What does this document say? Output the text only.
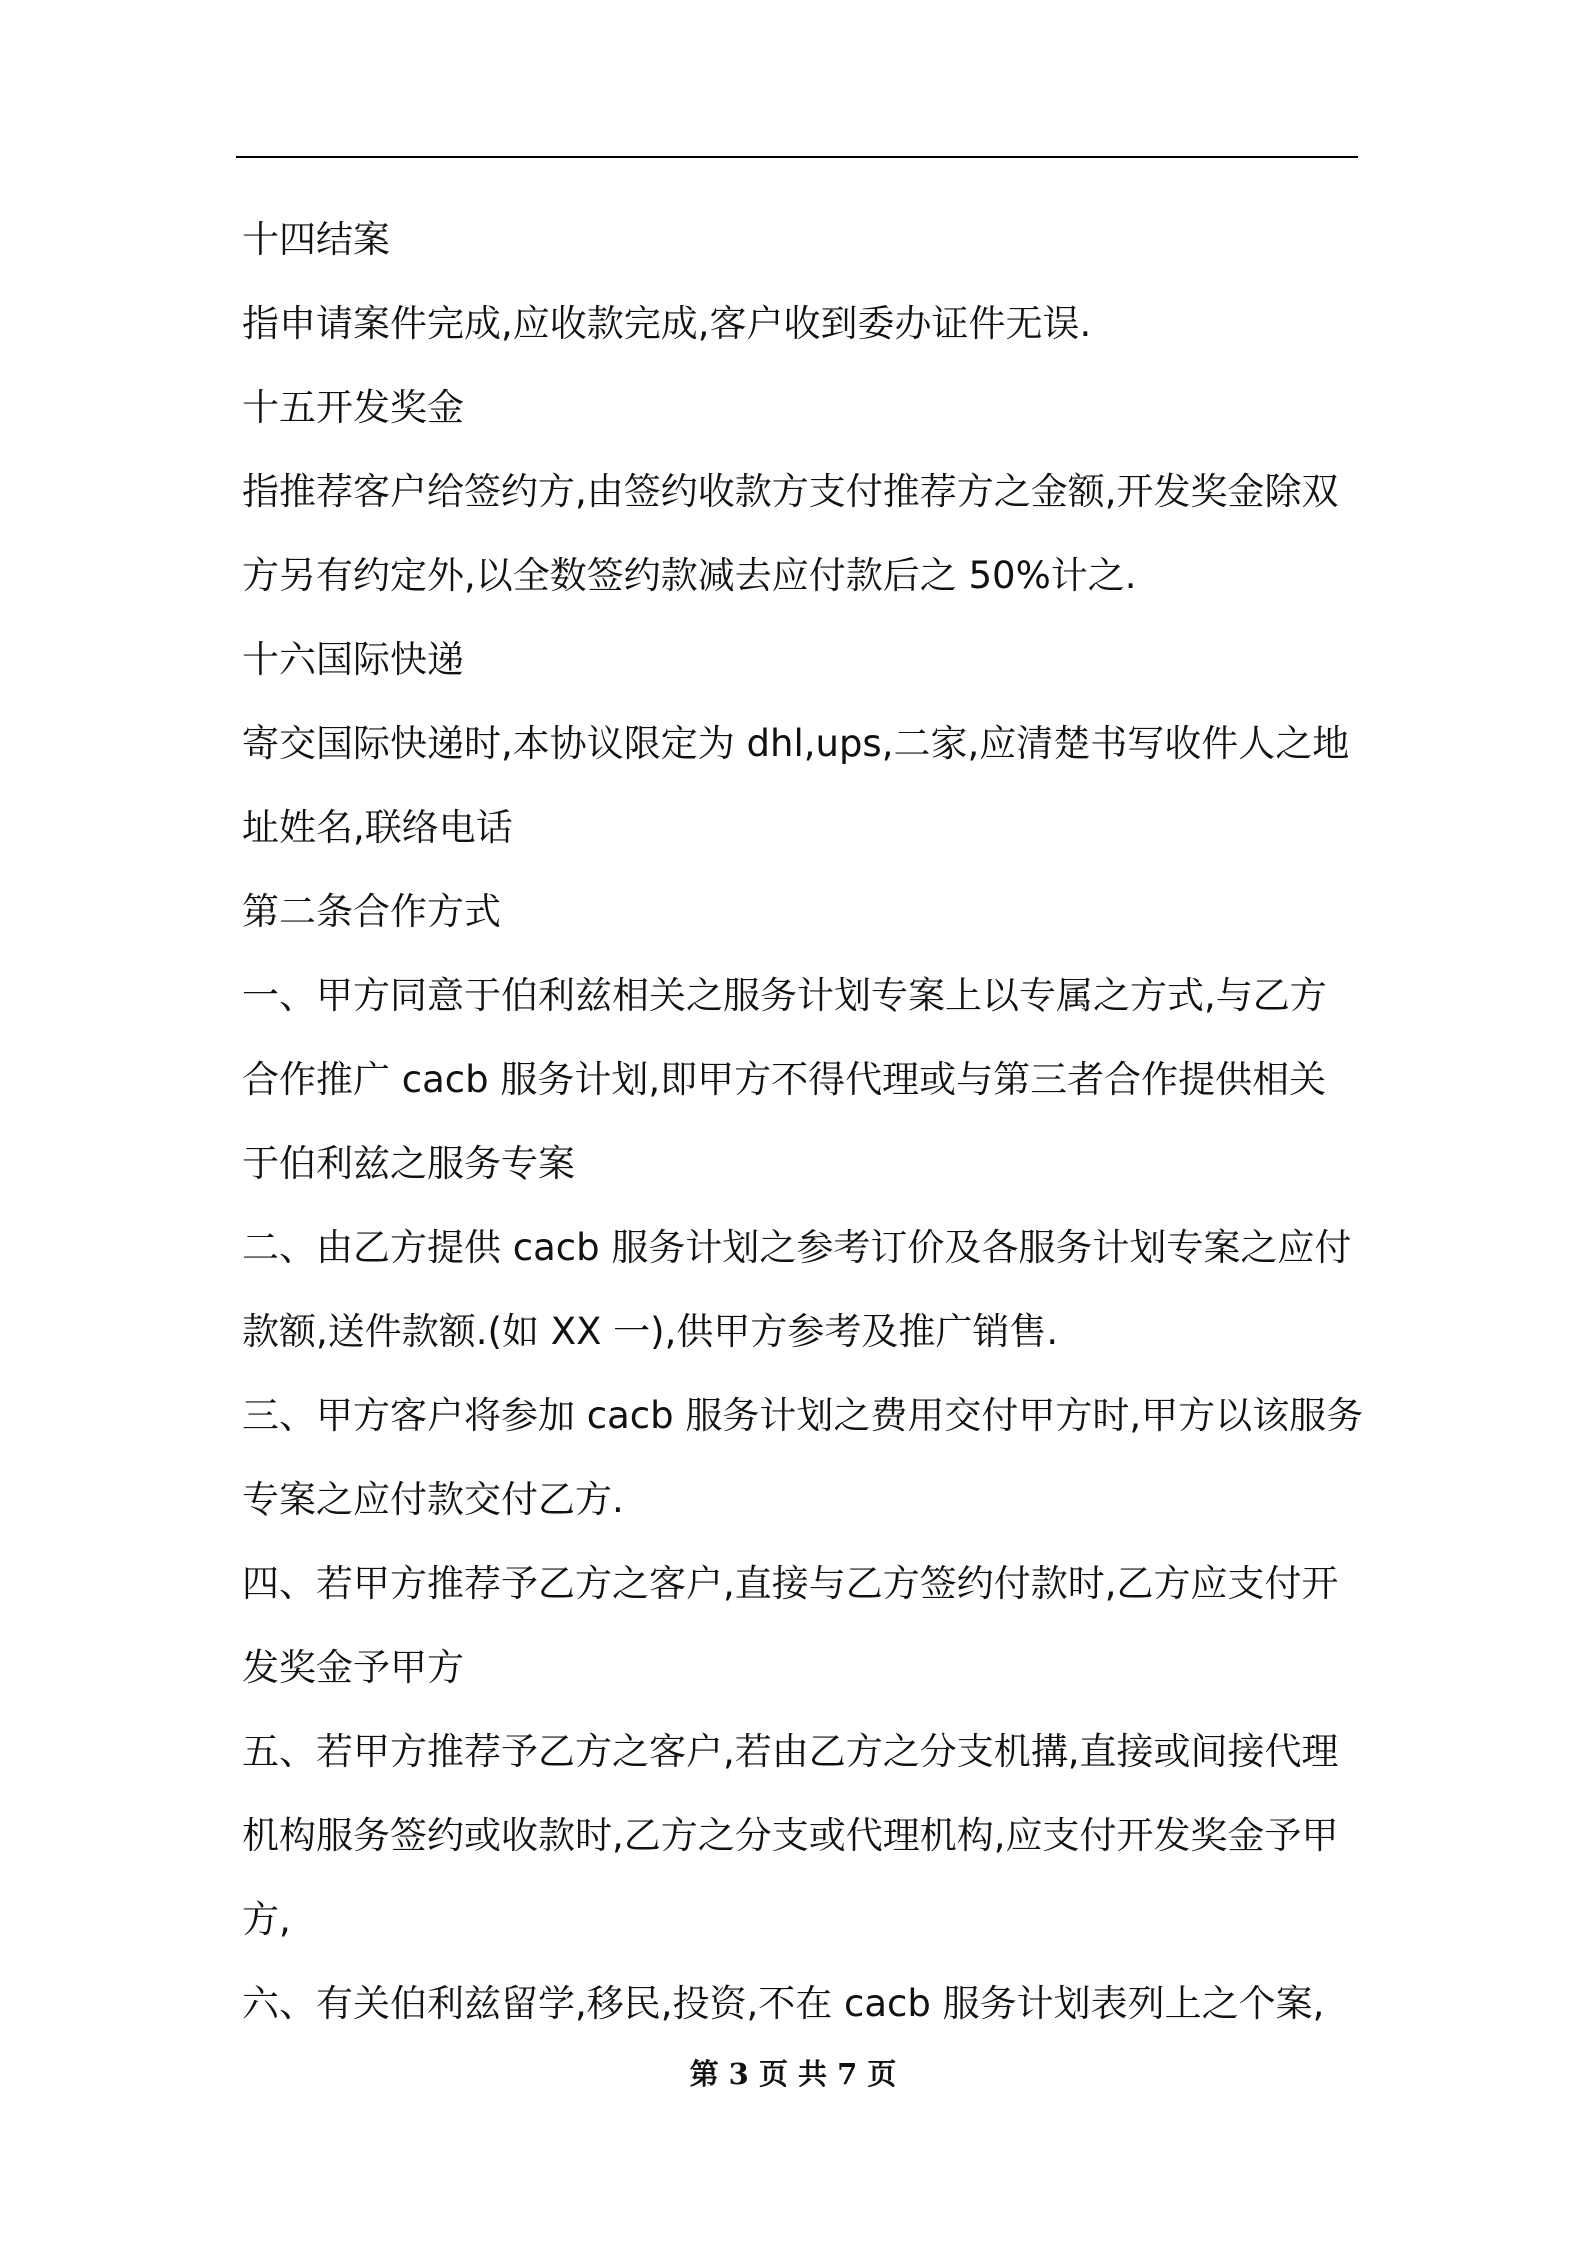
十四结案
指申请案件完成,应收款完成,客户收到委办证件无误.
十五开发奖金
指推荐客户给签约方,由签约收款方支付推荐方之金额,开发奖金除双
方另有约定外,以全数签约款减去应付款后之 50%计之.
十六国际快递
寄交国际快递时,本协议限定为 dhl,ups,二家,应清楚书写收件人之地
址姓名,联络电话
第二条合作方式
一、甲方同意于伯利兹相关之服务计划专案上以专属之方式,与乙方
合作推广 cacb 服务计划,即甲方不得代理或与第三者合作提供相关
于伯利兹之服务专案
二、由乙方提供 cacb 服务计划之参考订价及各服务计划专案之应付
款额,送件款额.(如 XX 一),供甲方参考及推广销售.
三、甲方客户将参加 cacb 服务计划之费用交付甲方时,甲方以该服务
专案之应付款交付乙方.
四、若甲方推荐予乙方之客户,直接与乙方签约付款时,乙方应支付开
发奖金予甲方
五、若甲方推荐予乙方之客户,若由乙方之分支机搆,直接或间接代理
机构服务签约或收款时,乙方之分支或代理机构,应支付开发奖金予甲
方,
六、有关伯利兹留学,移民,投资,不在 cacb 服务计划表列上之个案,
第 3 页 共 7 页
